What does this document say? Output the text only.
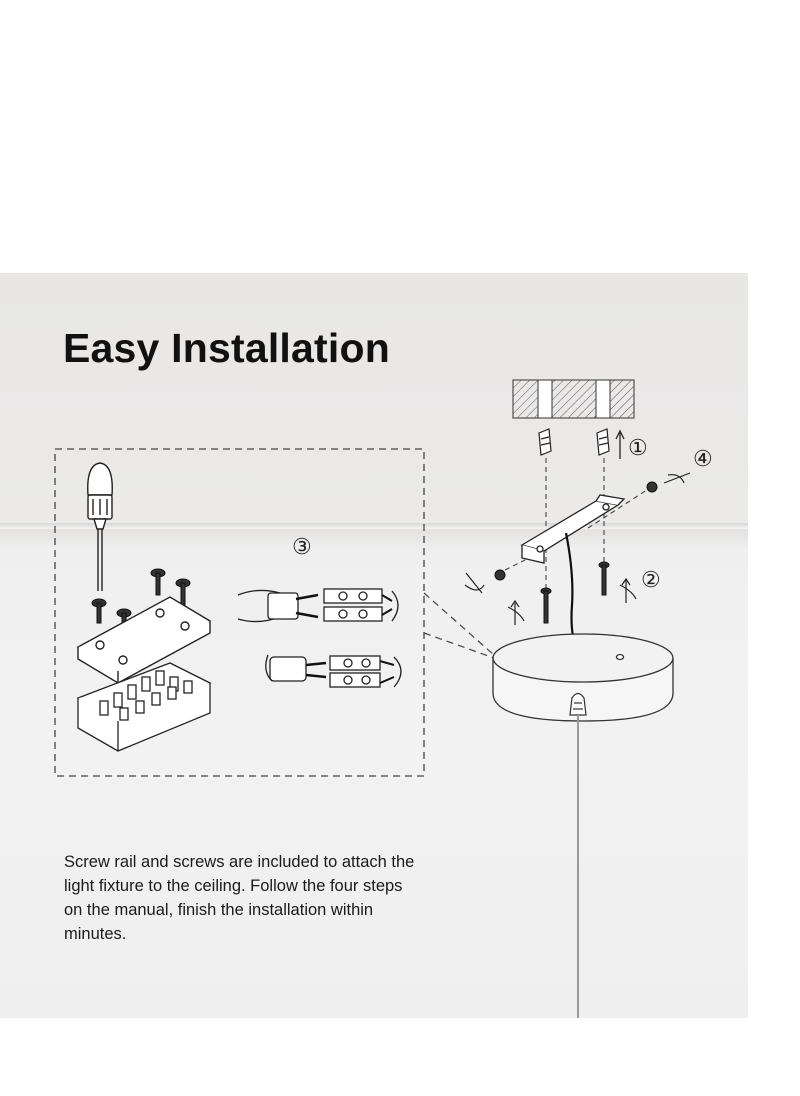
Easy Installation
③
①
②
④
Screw rail and screws are included to attach the light fixture to the ceiling. Follow the four steps on the manual, finish the installation within minutes.
